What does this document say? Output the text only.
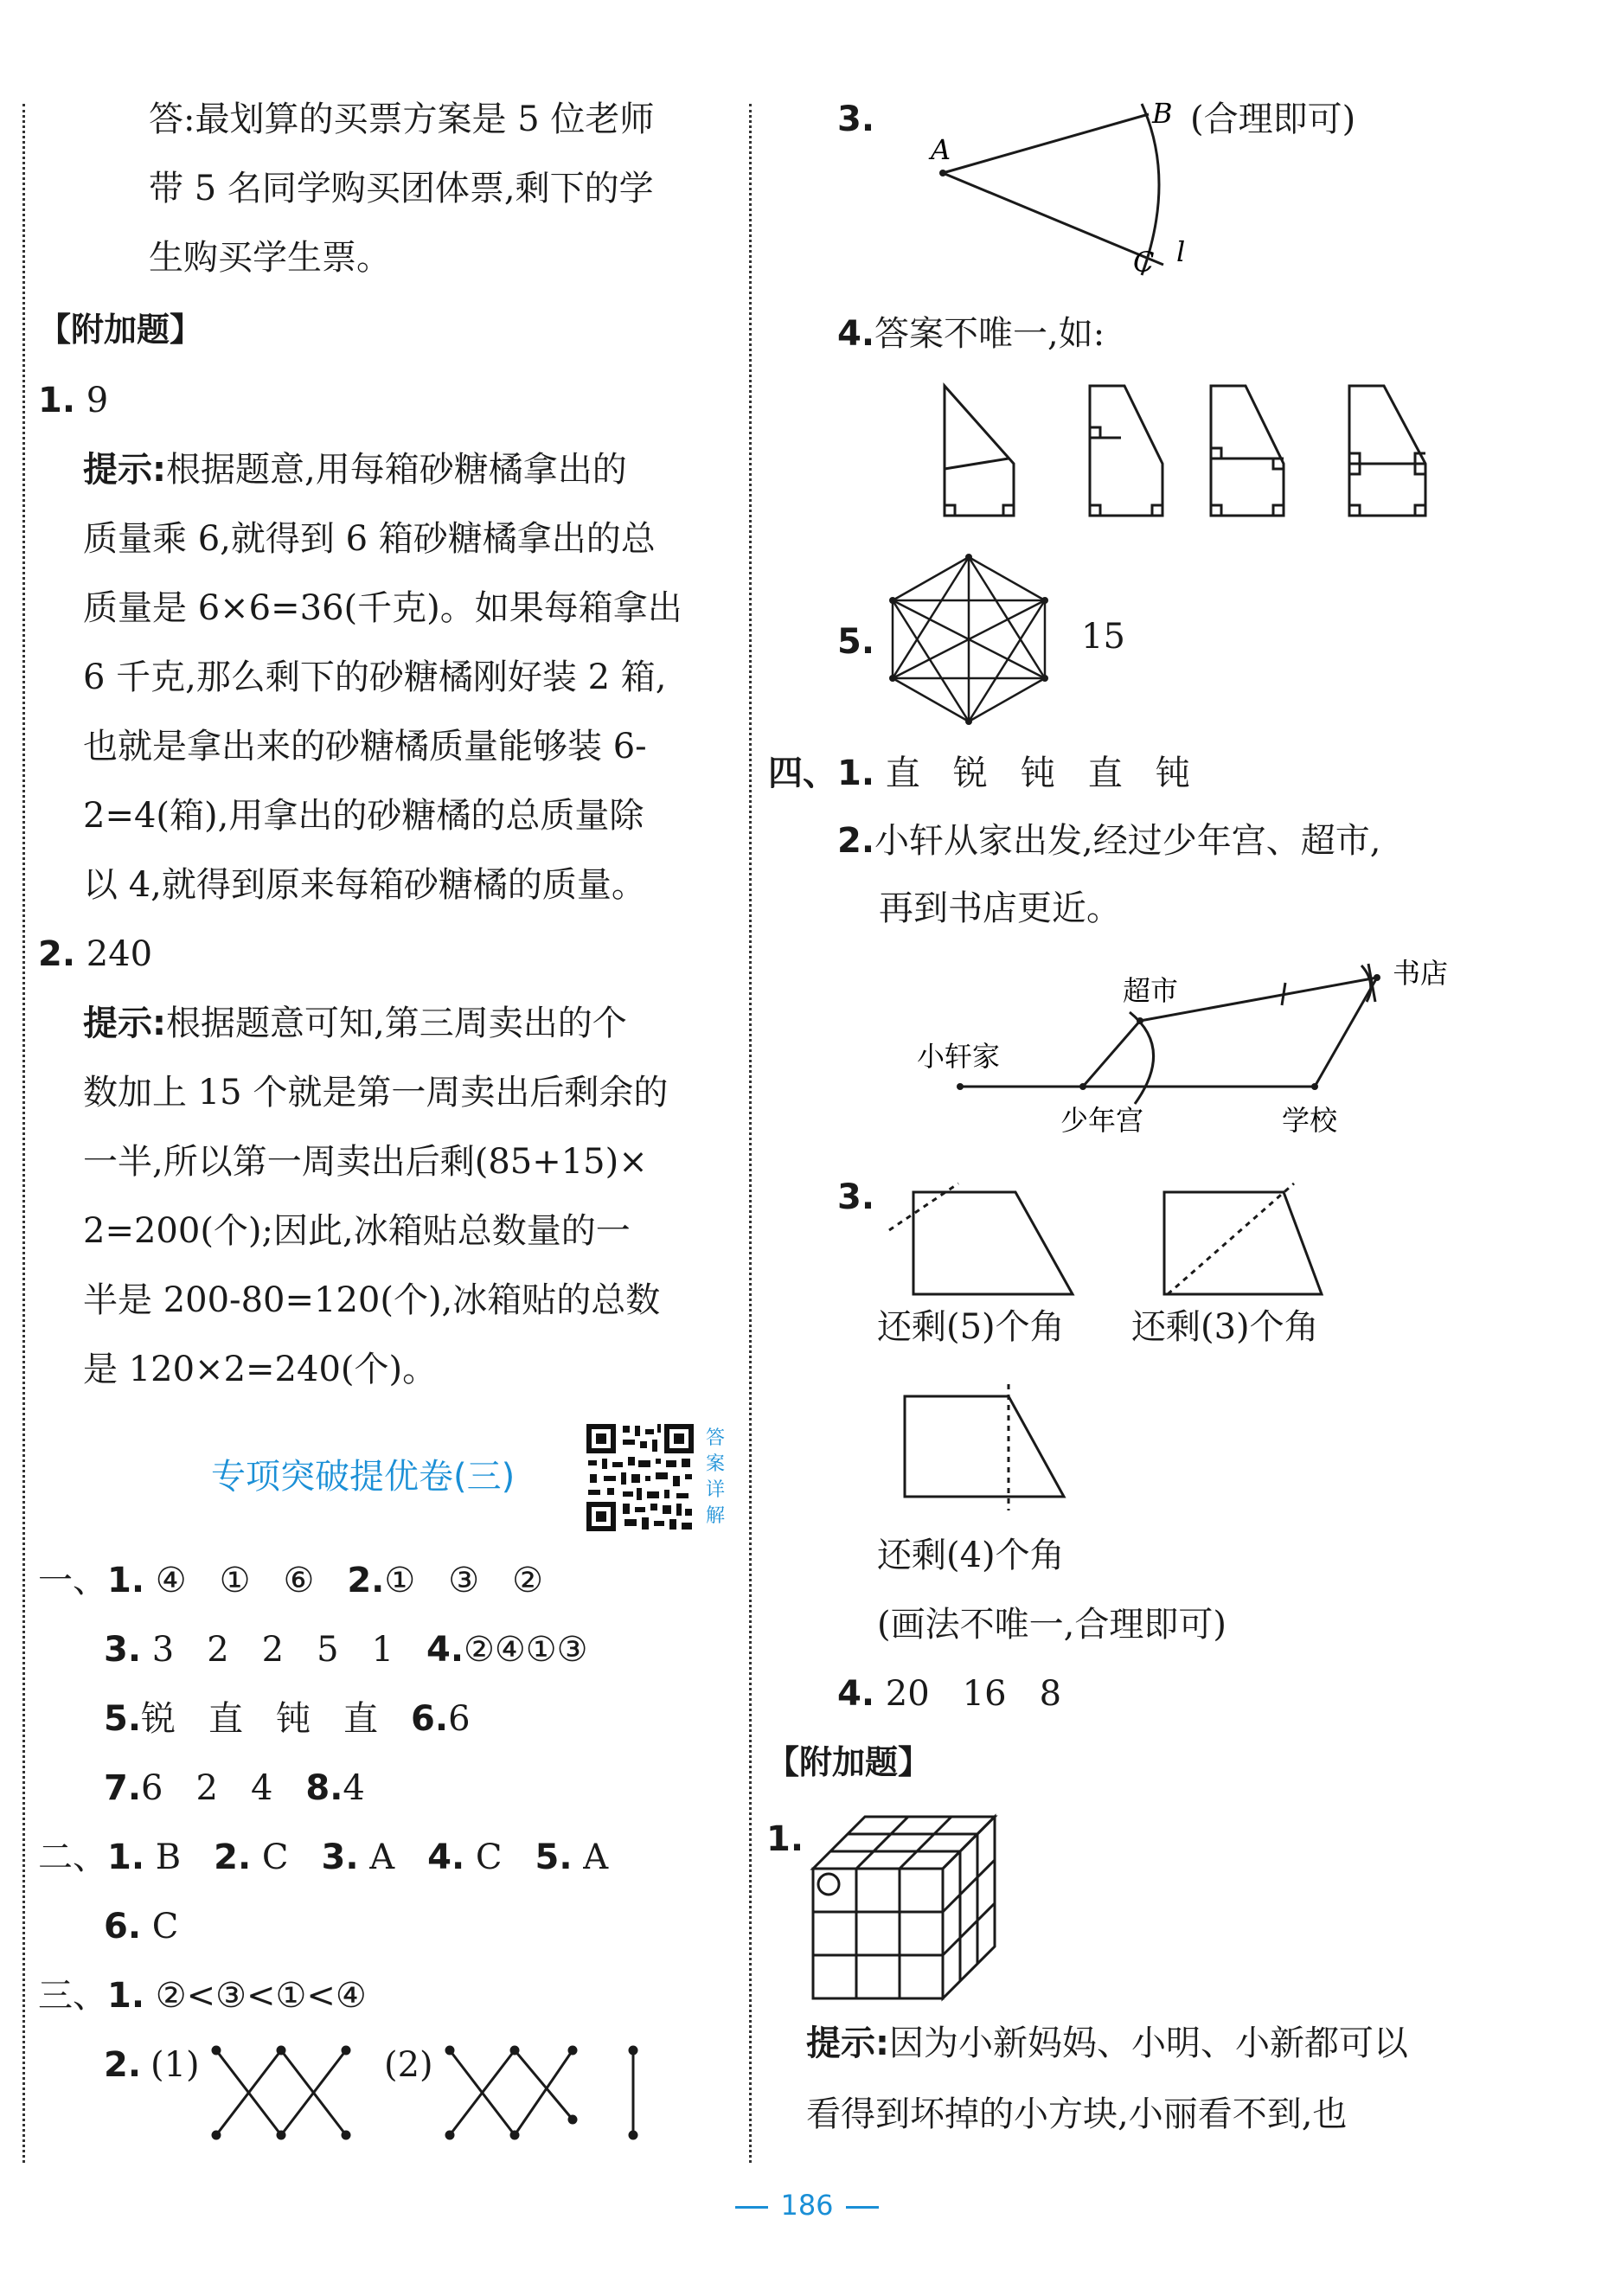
答:最划算的买票方案是 5 位老师
带 5 名同学购买团体票,剩下的学
生购买学生票。
【附加题】
1. 9
提示:根据题意,用每箱砂糖橘拿出的
质量乘 6,就得到 6 箱砂糖橘拿出的总
质量是 6×6=36(千克)。如果每箱拿出
6 千克,那么剩下的砂糖橘刚好装 2 箱,
也就是拿出来的砂糖橘质量能够装 6-
2=4(箱),用拿出的砂糖橘的总质量除
以 4,就得到原来每箱砂糖橘的质量。
2. 240
提示:根据题意可知,第三周卖出的个
数加上 15 个就是第一周卖出后剩余的
一半,所以第一周卖出后剩(85+15)×
2=200(个);因此,冰箱贴总数量的一
半是 200-80=120(个),冰箱贴的总数
是 120×2=240(个)。
专项突破提优卷(三)
答
案
详
解
一、1. ④ ① ⑥ 2.① ③ ②
3. 3 2 2 5 1 4.②④①③
5.锐 直 钝 直 6.6
7.6 2 4 8.4
二、1. B 2. C 3. A 4. C 5. A
6. C
三、1. ②<③<①<④
2. (1)	(2)
3.
A
B
C l
(合理即可)
4.答案不唯一,如:
5.	15
四、1. 直 锐 钝 直 钝
2.小轩从家出发,经过少年宫、超市,
再到书店更近。
超市
书店
小轩家
少年宫	学校
3.
还剩(5)个角 还剩(3)个角
还剩(4)个角
(画法不唯一,合理即可)
4. 20 16 8
【附加题】
1.
提示:因为小新妈妈、小明、小新都可以
看得到坏掉的小方块,小丽看不到,也
186
